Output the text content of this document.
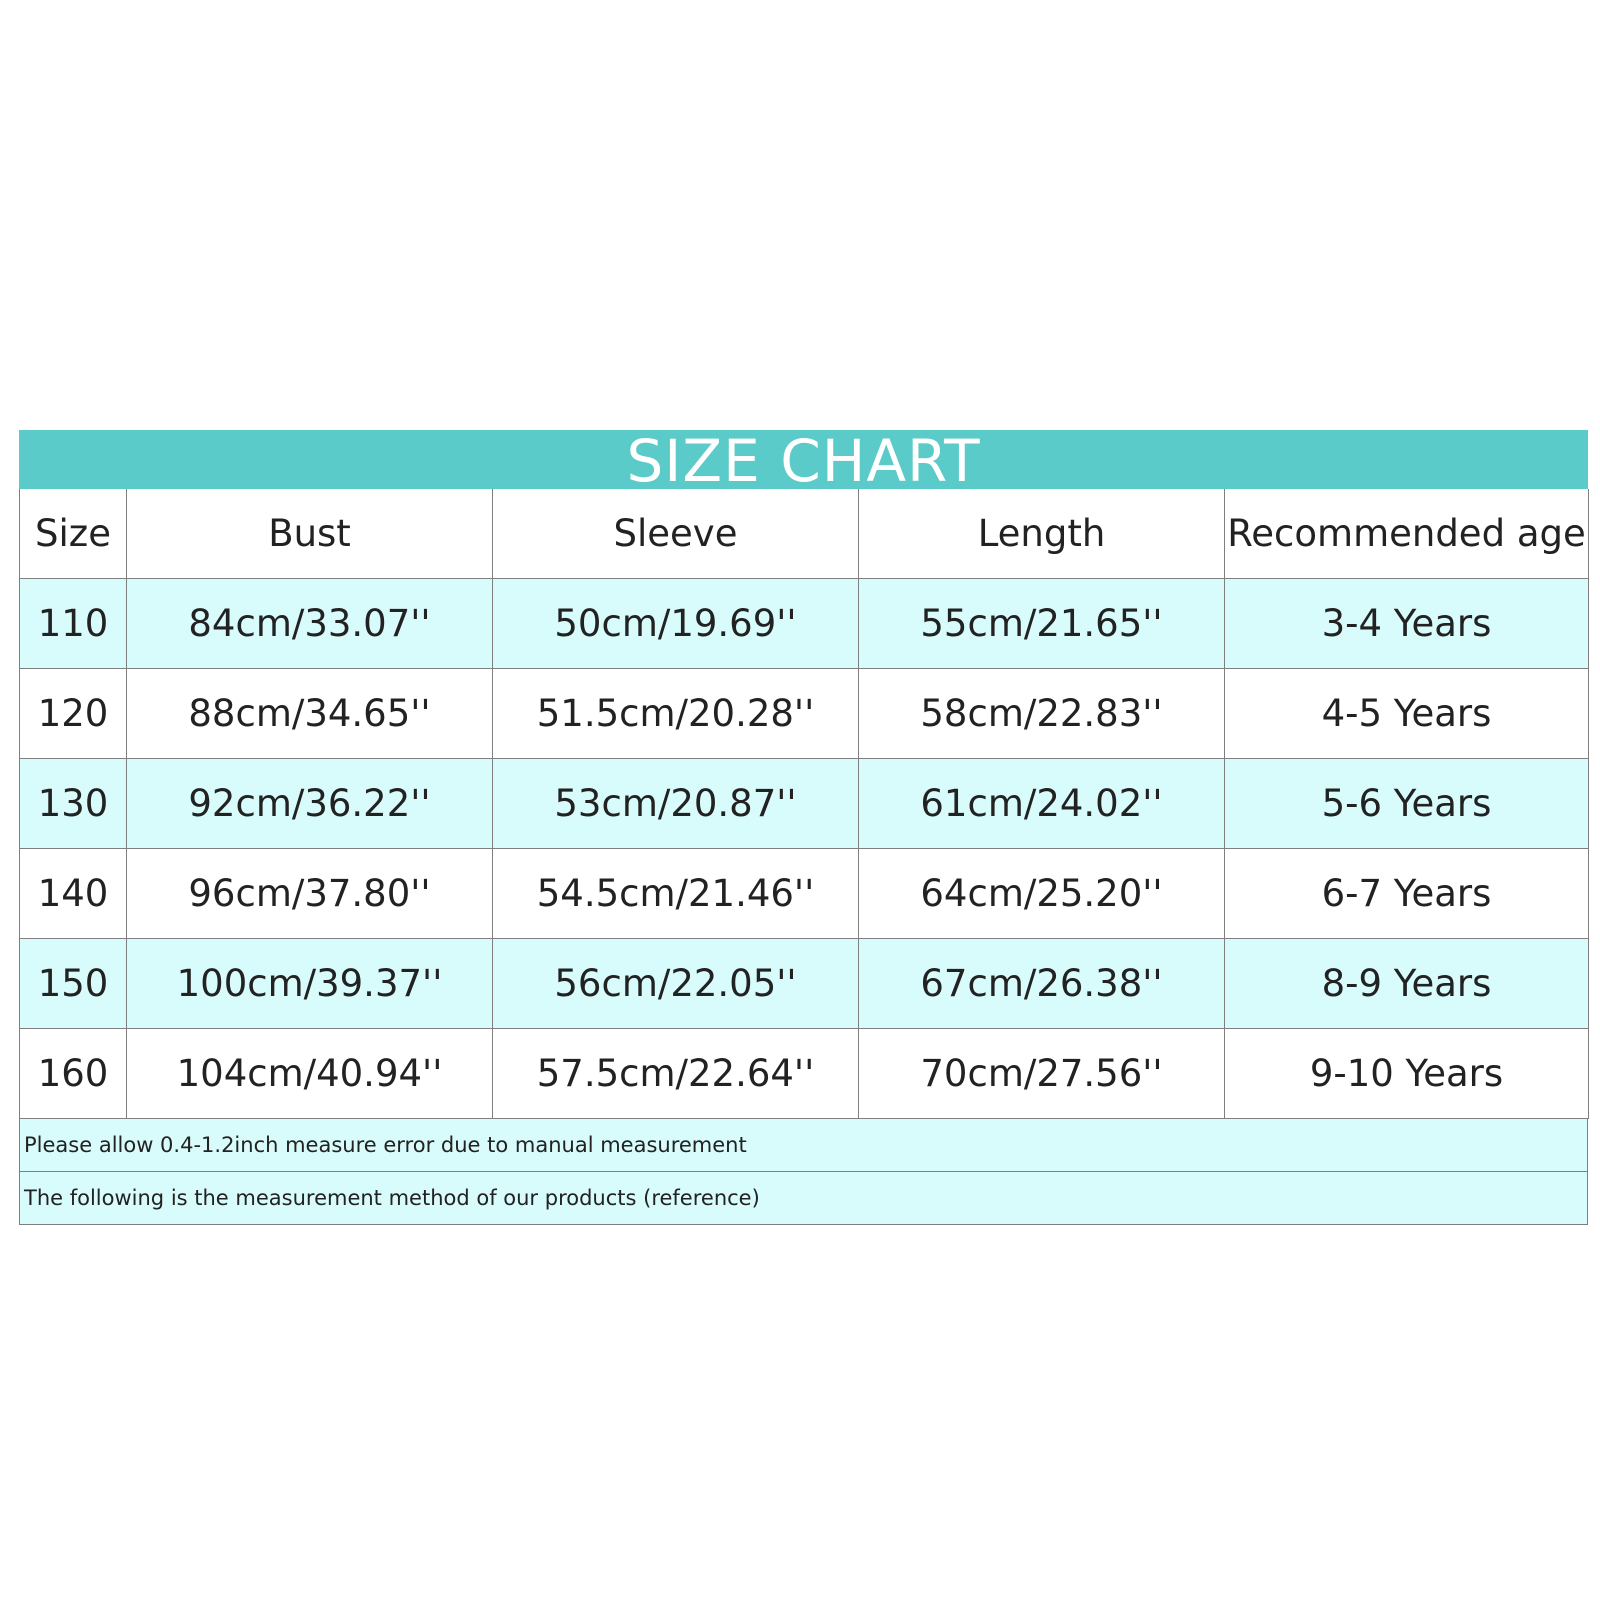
SIZE CHART
Size	Bust	Sleeve	Length	Recommended age
110	84cm/33.07''	50cm/19.69''	55cm/21.65''	3-4 Years
120	88cm/34.65''	51.5cm/20.28''	58cm/22.83''	4-5 Years
130	92cm/36.22''	53cm/20.87''	61cm/24.02''	5-6 Years
140	96cm/37.80''	54.5cm/21.46''	64cm/25.20''	6-7 Years
150	100cm/39.37''	56cm/22.05''	67cm/26.38''	8-9 Years
160	104cm/40.94''	57.5cm/22.64''	70cm/27.56''	9-10 Years
Please allow 0.4-1.2inch measure error due to manual measurement
The following is the measurement method of our products (reference)
